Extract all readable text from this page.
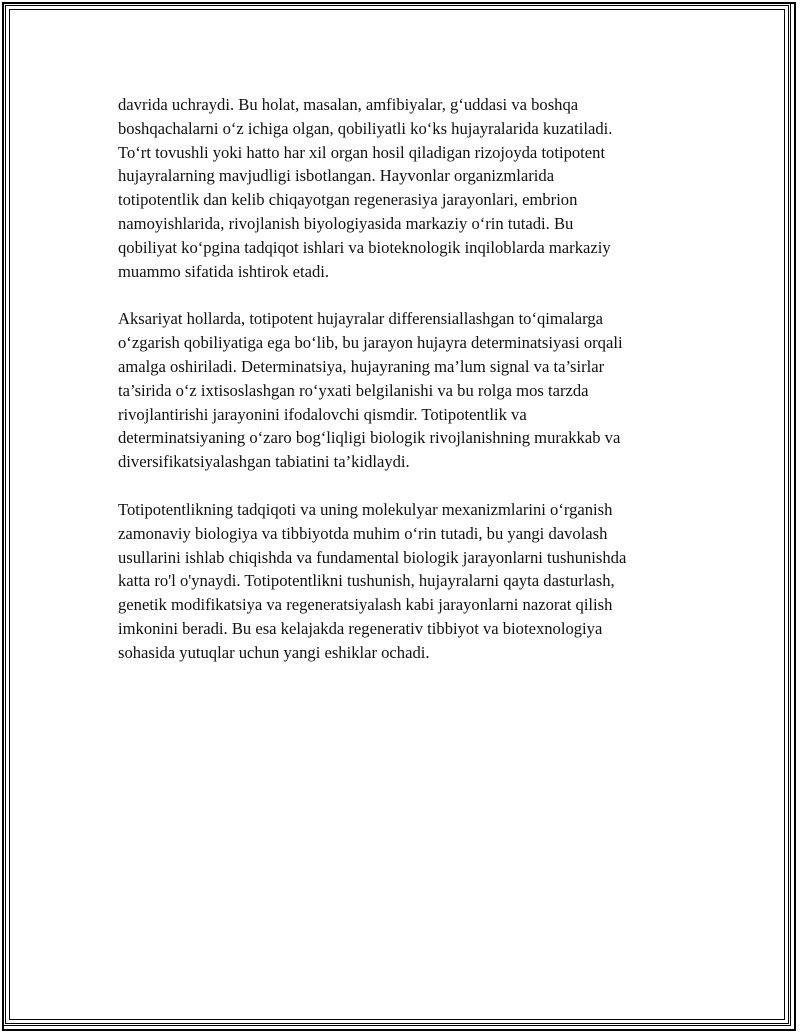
davrida uchraydi. Bu holat, masalan, amfibiyalar, g‘uddasi va boshqa
boshqachalarni o‘z ichiga olgan, qobiliyatli ko‘ks hujayralarida kuzatiladi.
To‘rt tovushli yoki hatto har xil organ hosil qiladigan rizojoyda totipotent
hujayralarning mavjudligi isbotlangan. Hayvonlar organizmlarida
totipotentlik dan kelib chiqayotgan regenerasiya jarayonlari, embrion
namoyishlarida, rivojlanish biyologiyasida markaziy o‘rin tutadi. Bu
qobiliyat ko‘pgina tadqiqot ishlari va bioteknologik inqiloblarda markaziy
muammo sifatida ishtirok etadi.

Aksariyat hollarda, totipotent hujayralar differensiallashgan to‘qimalarga
o‘zgarish qobiliyatiga ega bo‘lib, bu jarayon hujayra determinatsiyasi orqali
amalga oshiriladi. Determinatsiya, hujayraning ma’lum signal va ta’sirlar
ta’sirida o‘z ixtisoslashgan ro‘yxati belgilanishi va bu rolga mos tarzda
rivojlantirishi jarayonini ifodalovchi qismdir. Totipotentlik va
determinatsiyaning o‘zaro bog‘liqligi biologik rivojlanishning murakkab va
diversifikatsiyalashgan tabiatini ta’kidlaydi.

Totipotentlikning tadqiqoti va uning molekulyar mexanizmlarini o‘rganish
zamonaviy biologiya va tibbiyotda muhim o‘rin tutadi, bu yangi davolash
usullarini ishlab chiqishda va fundamental biologik jarayonlarni tushunishda
katta ro'l o'ynaydi. Totipotentlikni tushunish, hujayralarni qayta dasturlash,
genetik modifikatsiya va regeneratsiyalash kabi jarayonlarni nazorat qilish
imkonini beradi. Bu esa kelajakda regenerativ tibbiyot va biotexnologiya
sohasida yutuqlar uchun yangi eshiklar ochadi.
